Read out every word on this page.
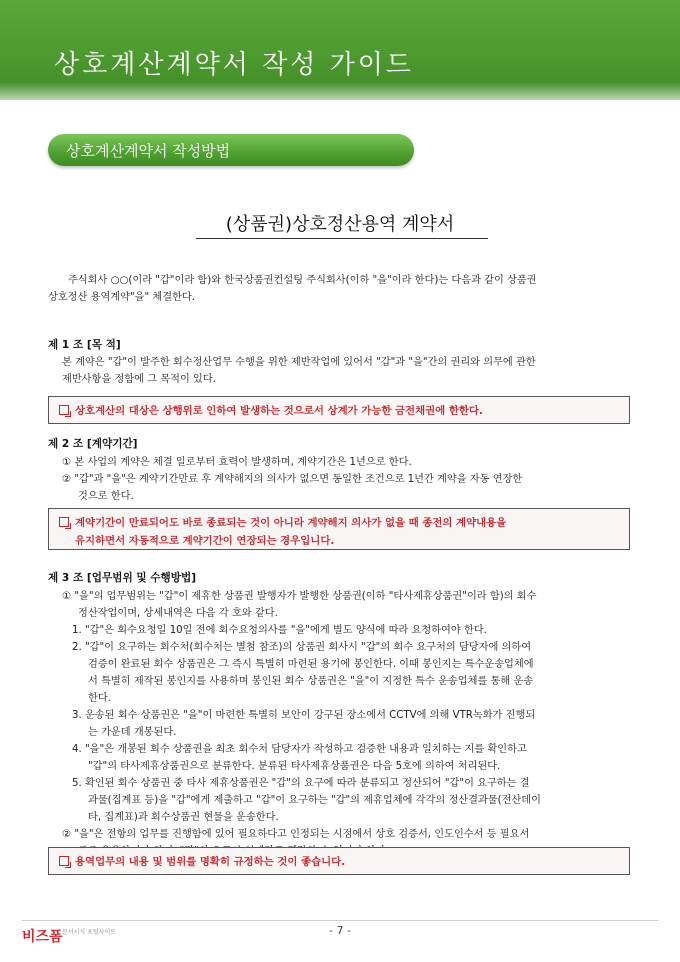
상호계산계약서 작성 가이드
상호계산계약서 작성방법
(상품권)상호정산용역 계약서
주식회사 ○○(이라 "갑"이라 함)와 한국상품권컨설팅 주식회사(이하 "을"이라 한다)는 다음과 같이 상품권
상호정산 용역계약"을" 체결한다.
제 1 조 [목 적]
본 계약은 "갑"이 발주한 회수정산업무 수행을 위한 제반작업에 있어서 "갑"과 "을"간의 권리와 의무에 관한
제반사항을 정함에 그 목적이 있다.
상호계산의 대상은 상행위로 인하여 발생하는 것으로서 상계가 가능한 금전채권에 한한다.
제 2 조 [계약기간]
① 본 사업의 계약은 체결 일로부터 효력이 발생하며, 계약기간은 1년으로 한다.
② "갑"과 "을"은 계약기간만료 후 계약해지의 의사가 없으면 동일한 조건으로 1년간 계약을 자동 연장한
것으로 한다.
계약기간이 만료되어도 바로 종료되는 것이 아니라 계약해지 의사가 없을 때 종전의 계약내용을
유지하면서 자동적으로 계약기간이 연장되는 경우입니다.
제 3 조 [업무범위 및 수행방법]
① "을"의 업무범위는 "갑"이 제휴한 상품권 발행자가 발행한 상품권(이하 "타사제휴상품권"이라 함)의 회수
정산작업이며, 상세내역은 다음 각 호와 같다.
1. "갑"은 회수요청일 10일 전에 회수요청의사를 "을"에게 별도 양식에 따라 요청하여야 한다.
2. "갑"이 요구하는 회수처(회수처는 별첨 참조)의 상품권 회사시 "갑"의 회수 요구처의 담당자에 의하여
검증이 완료된 회수 상품권은 그 즉시 특별히 마련된 용기에 봉인한다. 이때 봉인지는 특수운송업체에
서 특별히 제작된 봉인지를 사용하며 봉인된 회수 상품권은 "을"이 지정한 특수 운송업체를 통해 운송
한다.
3. 운송된 회수 상품권은 "을"이 마련한 특별히 보안이 강구된 장소에서 CCTV에 의해 VTR녹화가 진행되
는 가운데 개봉된다.
4. "을"은 개봉된 회수 상품권을 최초 회수처 담당자가 작성하고 검증한 내용과 일치하는 지를 확인하고
"갑"의 타사제휴상품권으로 분류한다. 분류된 타사제휴상품권은 다음 5호에 의하여 처리된다.
5. 확인된 회수 상품권 중 타사 제휴상품권은 "갑"의 요구에 따라 분류되고 정산되어 "갑"이 요구하는 결
과물(집계표 등)을 "갑"에게 제출하고 "갑"이 요구하는 "갑"의 제휴업체에 각각의 정산결과물(전산데이
타, 집계표)과 회수상품권 현물을 운송한다.
② "을"은 전항의 업무를 진행함에 있어 필요하다고 인정되는 시점에서 상호 검증서, 인도인수서 등 필요서
용역업무의 내용 및 범위를 명확히 규정하는 것이 좋습니다.
비즈폼 문서서식 포털사이트	- 7 -
